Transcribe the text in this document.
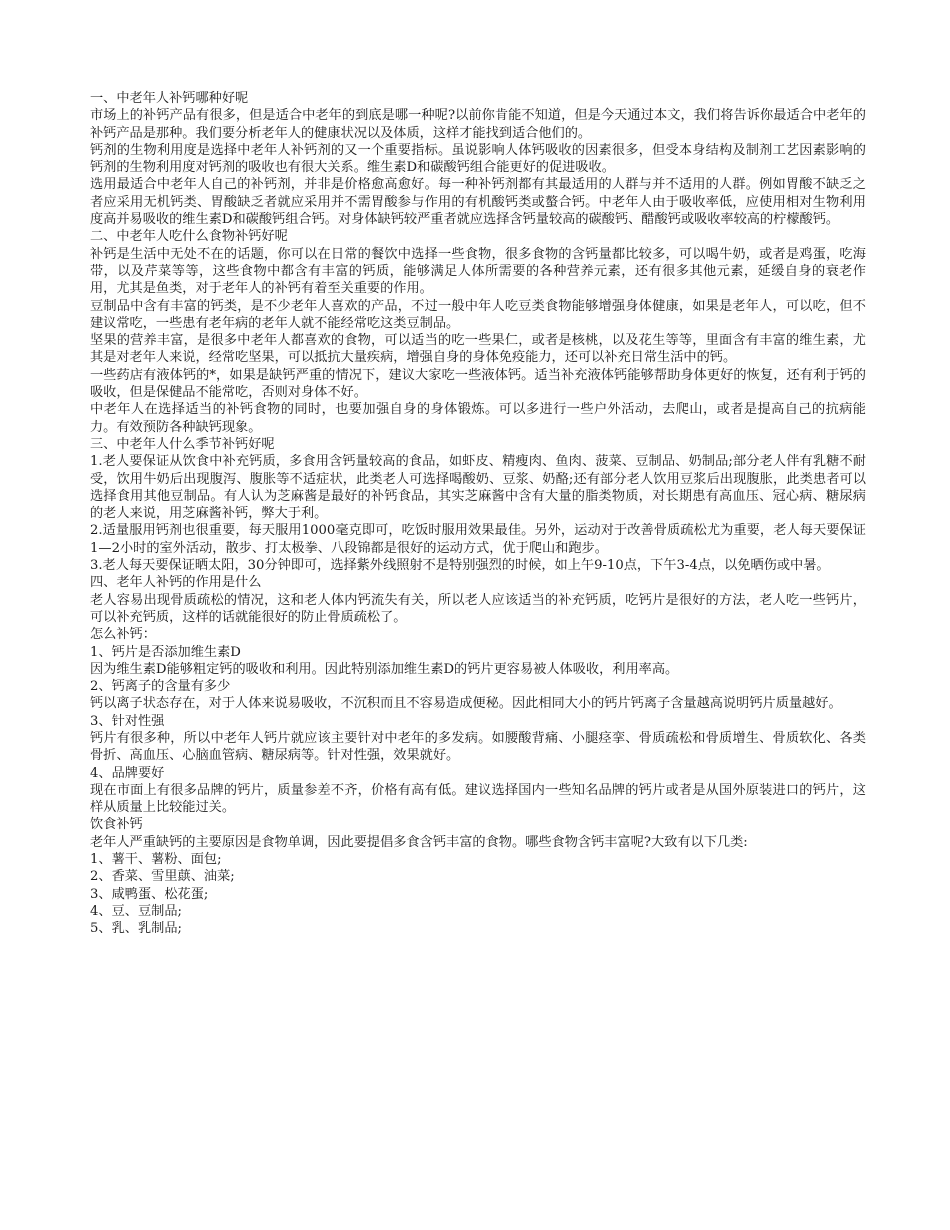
一、中老年人补钙哪种好呢

市场上的补钙产品有很多，但是适合中老年的到底是哪一种呢?以前你肯能不知道，但是今天通过本文，我们将告诉你最适合中老年的补钙产品是那种。我们要分析老年人的健康状况以及体质，这样才能找到适合他们的。

钙剂的生物利用度是选择中老年人补钙剂的又一个重要指标。虽说影响人体钙吸收的因素很多，但受本身结构及制剂工艺因素影响的钙剂的生物利用度对钙剂的吸收也有很大关系。维生素D和碳酸钙组合能更好的促进吸收。

选用最适合中老年人自己的补钙剂，并非是价格愈高愈好。每一种补钙剂都有其最适用的人群与并不适用的人群。例如胃酸不缺乏之者应采用无机钙类、胃酸缺乏者就应采用并不需胃酸参与作用的有机酸钙类或螯合钙。中老年人由于吸收率低，应使用相对生物利用度高并易吸收的维生素D和碳酸钙组合钙。对身体缺钙较严重者就应选择含钙量较高的碳酸钙、醋酸钙或吸收率较高的柠檬酸钙。

二、中老年人吃什么食物补钙好呢

补钙是生活中无处不在的话题，你可以在日常的餐饮中选择一些食物，很多食物的含钙量都比较多，可以喝牛奶，或者是鸡蛋，吃海带，以及芹菜等等，这些食物中都含有丰富的钙质，能够满足人体所需要的各种营养元素，还有很多其他元素，延缓自身的衰老作用，尤其是鱼类，对于老年人的补钙有着至关重要的作用。

豆制品中含有丰富的钙类，是不少老年人喜欢的产品，不过一般中年人吃豆类食物能够增强身体健康，如果是老年人，可以吃，但不建议常吃，一些患有老年病的老年人就不能经常吃这类豆制品。

坚果的营养丰富，是很多中老年人都喜欢的食物，可以适当的吃一些果仁，或者是核桃，以及花生等等，里面含有丰富的维生素，尤其是对老年人来说，经常吃坚果，可以抵抗大量疾病，增强自身的身体免疫能力，还可以补充日常生活中的钙。

一些药店有液体钙的*，如果是缺钙严重的情况下，建议大家吃一些液体钙。适当补充液体钙能够帮助身体更好的恢复，还有利于钙的吸收，但是保健品不能常吃，否则对身体不好。

中老年人在选择适当的补钙食物的同时，也要加强自身的身体锻炼。可以多进行一些户外活动，去爬山，或者是提高自己的抗病能力。有效预防各种缺钙现象。

三、中老年人什么季节补钙好呢

1.老人要保证从饮食中补充钙质，多食用含钙量较高的食品，如虾皮、精瘦肉、鱼肉、菠菜、豆制品、奶制品;部分老人伴有乳糖不耐受，饮用牛奶后出现腹泻、腹胀等不适症状，此类老人可选择喝酸奶、豆浆、奶酪;还有部分老人饮用豆浆后出现腹胀，此类患者可以选择食用其他豆制品。有人认为芝麻酱是最好的补钙食品，其实芝麻酱中含有大量的脂类物质，对长期患有高血压、冠心病、糖尿病的老人来说，用芝麻酱补钙，弊大于利。

2.适量服用钙剂也很重要，每天服用1000毫克即可，吃饭时服用效果最佳。另外，运动对于改善骨质疏松尤为重要，老人每天要保证1—2小时的室外活动，散步、打太极拳、八段锦都是很好的运动方式，优于爬山和跑步。

3.老人每天要保证晒太阳，30分钟即可，选择紫外线照射不是特别强烈的时候，如上午9-10点，下午3-4点，以免晒伤或中暑。

四、老年人补钙的作用是什么

老人容易出现骨质疏松的情况，这和老人体内钙流失有关，所以老人应该适当的补充钙质，吃钙片是很好的方法，老人吃一些钙片，可以补充钙质，这样的话就能很好的防止骨质疏松了。

怎么补钙：

1、钙片是否添加维生素D

因为维生素D能够粗定钙的吸收和利用。因此特别添加维生素D的钙片更容易被人体吸收，利用率高。

2、钙离子的含量有多少

钙以离子状态存在，对于人体来说易吸收，不沉积而且不容易造成便秘。因此相同大小的钙片钙离子含量越高说明钙片质量越好。

3、针对性强

钙片有很多种，所以中老年人钙片就应该主要针对中老年的多发病。如腰酸背痛、小腿痉挛、骨质疏松和骨质增生、骨质软化、各类骨折、高血压、心脑血管病、糖尿病等。针对性强，效果就好。

4、品牌要好

现在市面上有很多品牌的钙片，质量参差不齐，价格有高有低。建议选择国内一些知名品牌的钙片或者是从国外原装进口的钙片，这样从质量上比较能过关。

饮食补钙

老年人严重缺钙的主要原因是食物单调，因此要提倡多食含钙丰富的食物。哪些食物含钙丰富呢?大致有以下几类:

1、薯干、薯粉、面包;

2、香菜、雪里蕻、油菜;

3、咸鸭蛋、松花蛋;

4、豆、豆制品;

5、乳、乳制品;
